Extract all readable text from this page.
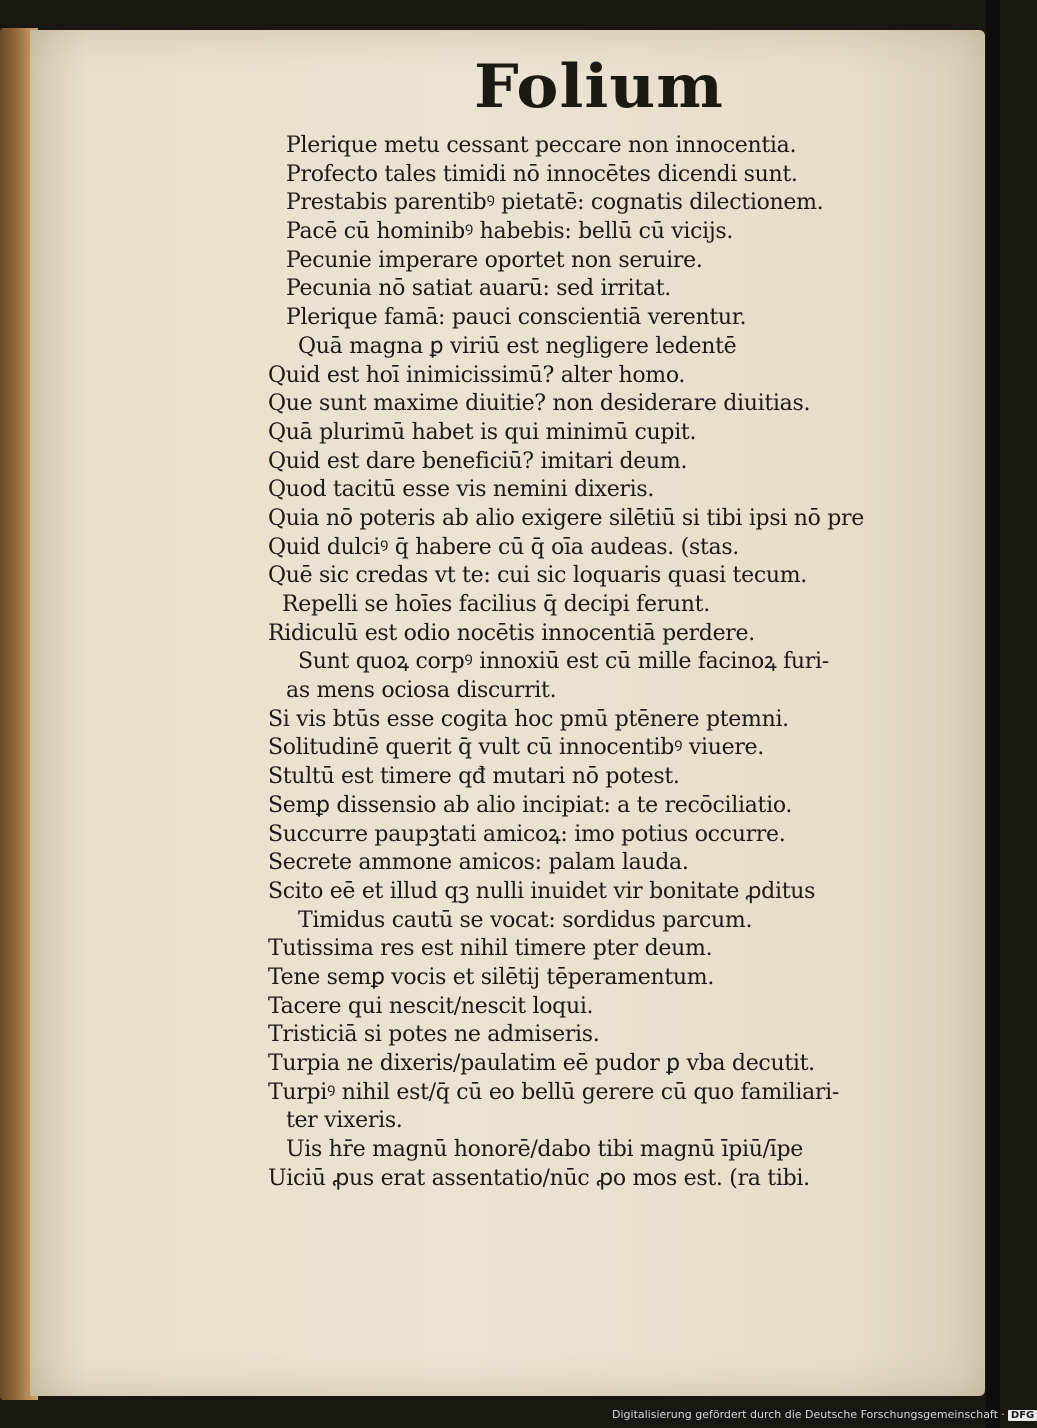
Folium
Plerique metu cessant peccare non innocentia.
Profecto tales timidi nō innocētes dicendi sunt.
Prestabis parentibꝰ pietatē: cognatis dilectionem.
Pacē cū hominibꝰ habebis: bellū cū vicijs.
Pecunie imperare oportet non seruire.
Pecunia nō satiat auarū: sed irritat.
Plerique famā: pauci conscientiā verentur.
Quā magna ꝑ viriū est negligere ledentē
Quid est hoī inimicissimū? alter homo.
Que sunt maxime diuitie? non desiderare diuitias.
Quā plurimū habet is qui minimū cupit.
Quid est dare beneficiū? imitari deum.
Quod tacitū esse vis nemini dixeris.
Quia nō poteris ab alio exigere silētiū si tibi ipsi nō pre
Quid dulciꝰ q̄ habere cū q̄ oīa audeas. (stas.
Quē sic credas vt te: cui sic loquaris quasi tecum.
Repelli se hoīes facilius q̄ decipi ferunt.
Ridiculū est odio nocētis innocentiā perdere.
Sunt quoꝝ corpꝰ innoxiū est cū mille facinoꝝ furi-
as mens ociosa discurrit.
Si vis btūs esse cogita hoc pmū ptēnere ptemni.
Solitudinē querit q̄ vult cū innocentibꝰ viuere.
Stultū est timere qđ mutari nō potest.
Semꝑ dissensio ab alio incipiat: a te recōciliatio.
Succurre paupꝫtati amicoꝝ: imo potius occurre.
Secrete ammone amicos: palam lauda.
Scito eē et illud qꝫ nulli inuidet vir bonitate ꝓditus
Timidus cautū se vocat: sordidus parcum.
Tutissima res est nihil timere pter deum.
Tene semꝑ vocis et silētij tēperamentum.
Tacere qui nescit/nescit loqui.
Tristiciā si potes ne admiseris.
Turpia ne dixeris/paulatim eē pudor ꝑ vba decutit.
Turpiꝰ nihil est/q̄ cū eo bellū gerere cū quo familiari-
ter vixeris.
Uis hr̄e magnū honorē/dabo tibi magnū īpiū/īpe
Uiciū ꝓus erat assentatio/nūc ꝓo mos est. (ra tibi.
Digitalisierung gefördert durch die Deutsche Forschungsgemeinschaft · DFG
